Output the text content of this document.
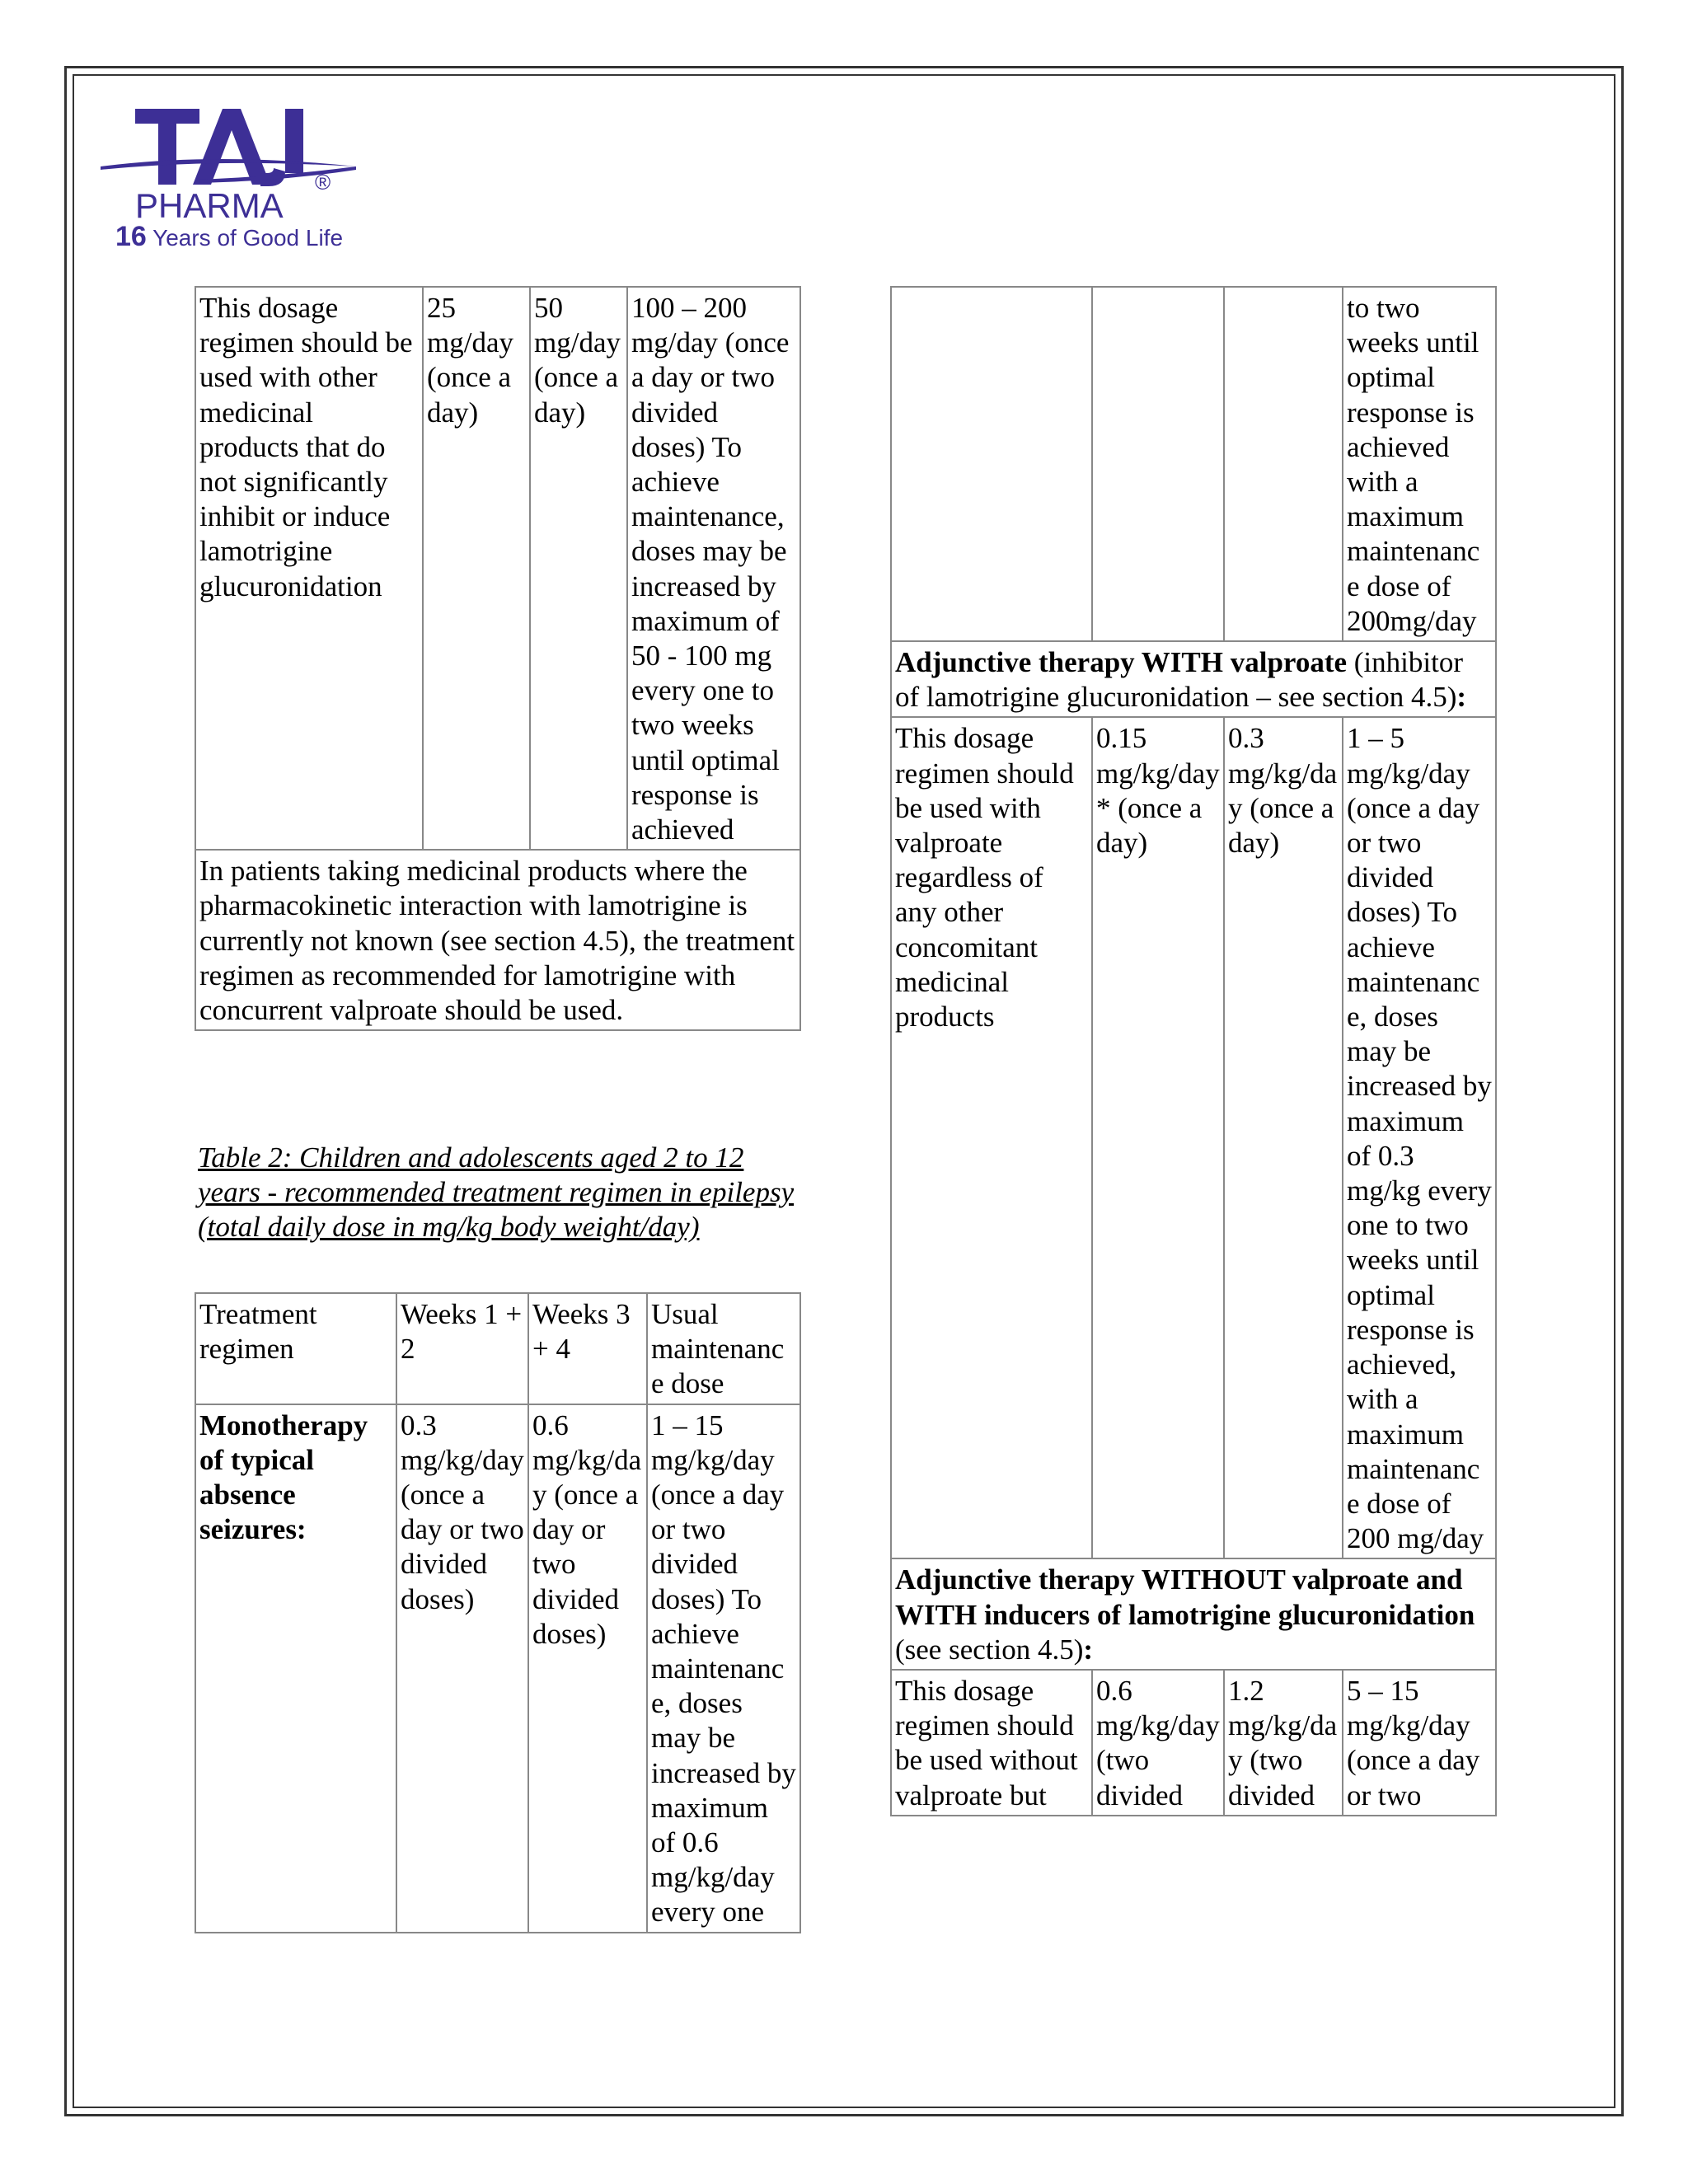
®
PHARMA
16 Years of Good Life
This dosage regimen should be used with other medicinal products that do not significantly inhibit or induce lamotrigine glucuronidation	25 mg/day (once a day)	50 mg/day (once a day)	100 – 200 mg/day (once a day or two divided doses) To achieve maintenance, doses may be increased by maximum of 50 - 100 mg every one to two weeks until optimal response is achieved
In patients taking medicinal products where the pharmacokinetic interaction with lamotrigine is currently not known (see section 4.5), the treatment regimen as recommended for lamotrigine with concurrent valproate should be used.
Table 2: Children and adolescents aged 2 to 12 years - recommended treatment regimen in epilepsy (total daily dose in mg/kg body weight/day)
Treatment regimen	Weeks 1 + 2	Weeks 3 + 4	Usual maintenance dose
Monotherapy of typical absence seizures:	0.3 mg/kg/day (once a day or two divided doses)	0.6 mg/kg/day (once a day or two divided doses)	1 – 15 mg/kg/day (once a day or two divided doses) To achieve maintenance, doses may be increased by maximum of 0.6 mg/kg/day every one
			to two weeks until optimal response is achieved with a maximum maintenance dose of 200mg/day
Adjunctive therapy WITH valproate (inhibitor of lamotrigine glucuronidation – see section 4.5):			
This dosage regimen should be used with valproate regardless of any other concomitant medicinal products	0.15 mg/kg/day* (once a day)	0.3 mg/kg/day (once a day)	1 – 5 mg/kg/day (once a day or two divided doses) To achieve maintenance, doses may be increased by maximum of 0.3 mg/kg every one to two weeks until optimal response is achieved, with a maximum maintenance dose of 200 mg/day
Adjunctive therapy WITHOUT valproate and WITH inducers of lamotrigine glucuronidation (see section 4.5):			
This dosage regimen should be used without valproate but	0.6 mg/kg/day (two divided	1.2 mg/kg/day (two divided	5 – 15 mg/kg/day (once a day or two
